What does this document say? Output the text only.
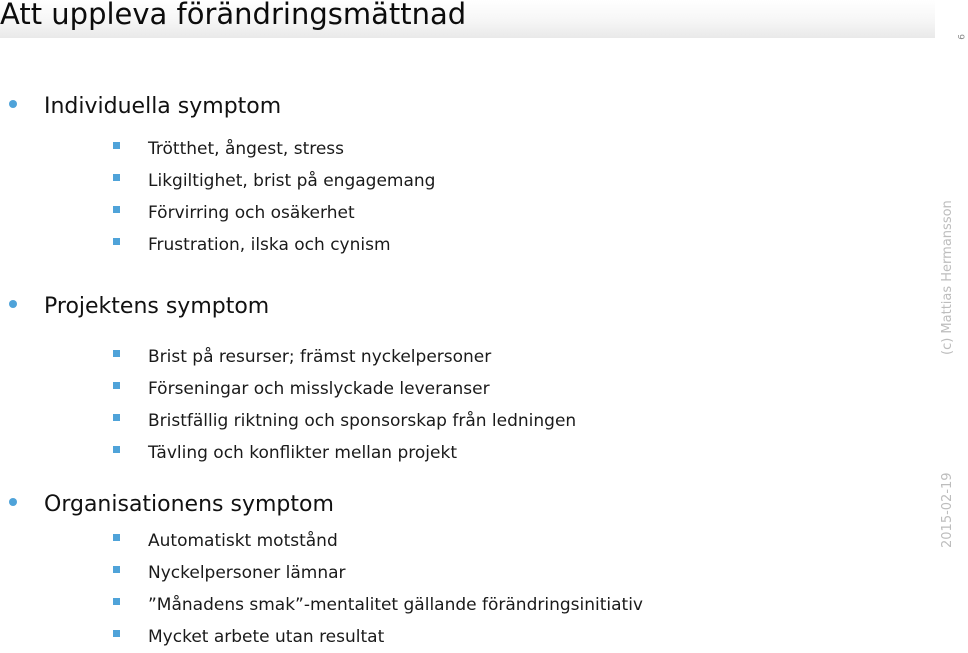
Att uppleva förändringsmättnad
6
(c) Mattias Hermansson
2015-02-19
Individuella symptom
Trötthet, ångest, stress
Likgiltighet, brist på engagemang
Förvirring och osäkerhet
Frustration, ilska och cynism
Projektens symptom
Brist på resurser; främst nyckelpersoner
Förseningar och misslyckade leveranser
Bristfällig riktning och sponsorskap från ledningen
Tävling och konflikter mellan projekt
Organisationens symptom
Automatiskt motstånd
Nyckelpersoner lämnar
”Månadens smak”-mentalitet gällande förändringsinitiativ
Mycket arbete utan resultat
